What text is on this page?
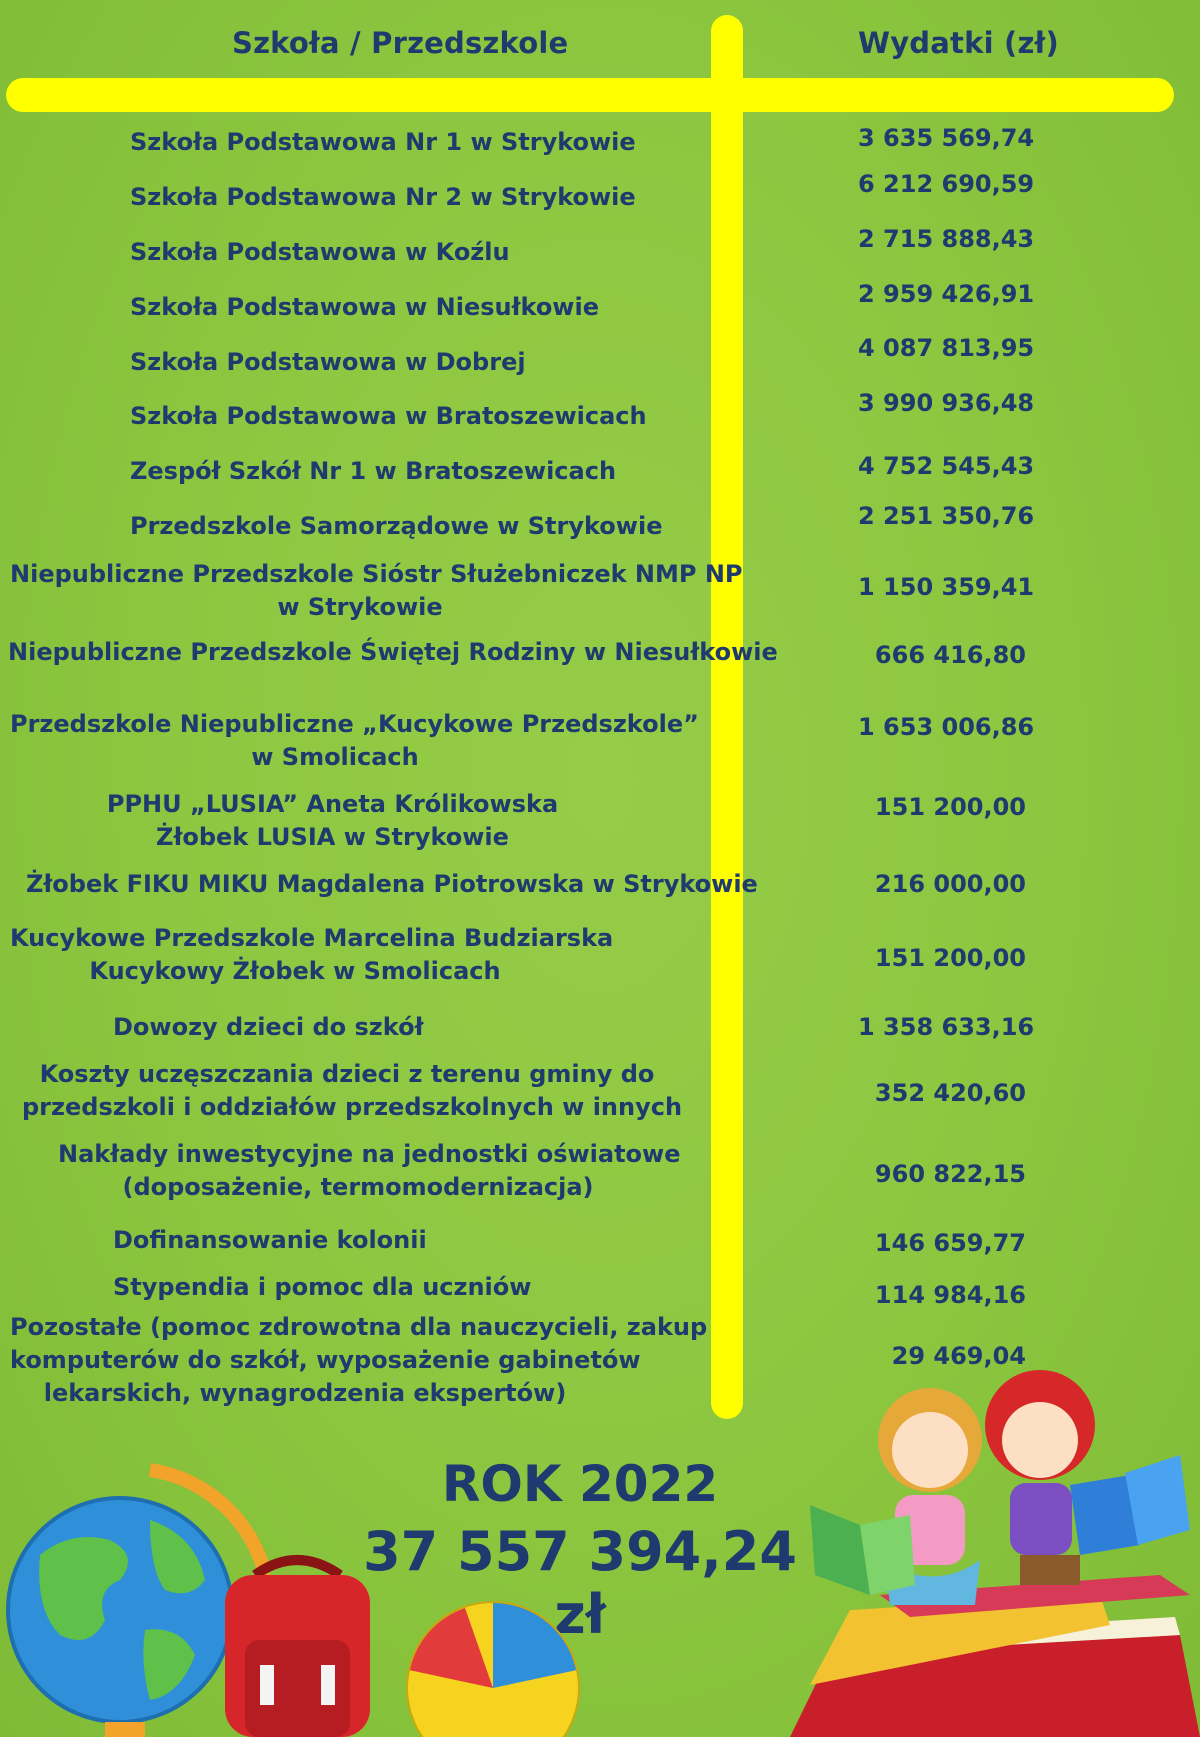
Szkoła / Przedszkole	Wydatki (zł)
Szkoła Podstawowa Nr 1 w Strykowie	3 635 569,74
Szkoła Podstawowa Nr 2 w Strykowie	6 212 690,59
Szkoła Podstawowa w Koźlu	2 715 888,43
Szkoła Podstawowa w Niesułkowie	2 959 426,91
Szkoła Podstawowa w Dobrej	4 087 813,95
Szkoła Podstawowa w Bratoszewicach	3 990 936,48
Zespół Szkół Nr 1 w Bratoszewicach	4 752 545,43
Przedszkole Samorządowe w Strykowie	2 251 350,76
Niepubliczne Przedszkole Sióstr Służebniczek NMP NP
w Strykowie
1 150 359,41
Niepubliczne Przedszkole Świętej Rodziny w Niesułkowie	666 416,80
Przedszkole Niepubliczne „Kucykowe Przedszkole”
w Smolicach
1 653 006,86
PPHU „LUSIA” Aneta Królikowska
Żłobek LUSIA w Strykowie
151 200,00
Żłobek FIKU MIKU Magdalena Piotrowska w Strykowie	216 000,00
Kucykowe Przedszkole Marcelina Budziarska
Kucykowy Żłobek w Smolicach	151 200,00
Dowozy dzieci do szkół	1 358 633,16
Koszty uczęszczania dzieci z terenu gminy do
przedszkoli i oddziałów przedszkolnych w innych	352 420,60
Nakłady inwestycyjne na jednostki oświatowe
(doposażenie, termomodernizacja)	960 822,15
Dofinansowanie kolonii	146 659,77
Stypendia i pomoc dla uczniów	114 984,16
Pozostałe (pomoc zdrowotna dla nauczycieli, zakup
komputerów do szkół, wyposażenie gabinetów
lekarskich, wynagrodzenia ekspertów)
29 469,04
ROK 2022
37 557 394,24 zł
